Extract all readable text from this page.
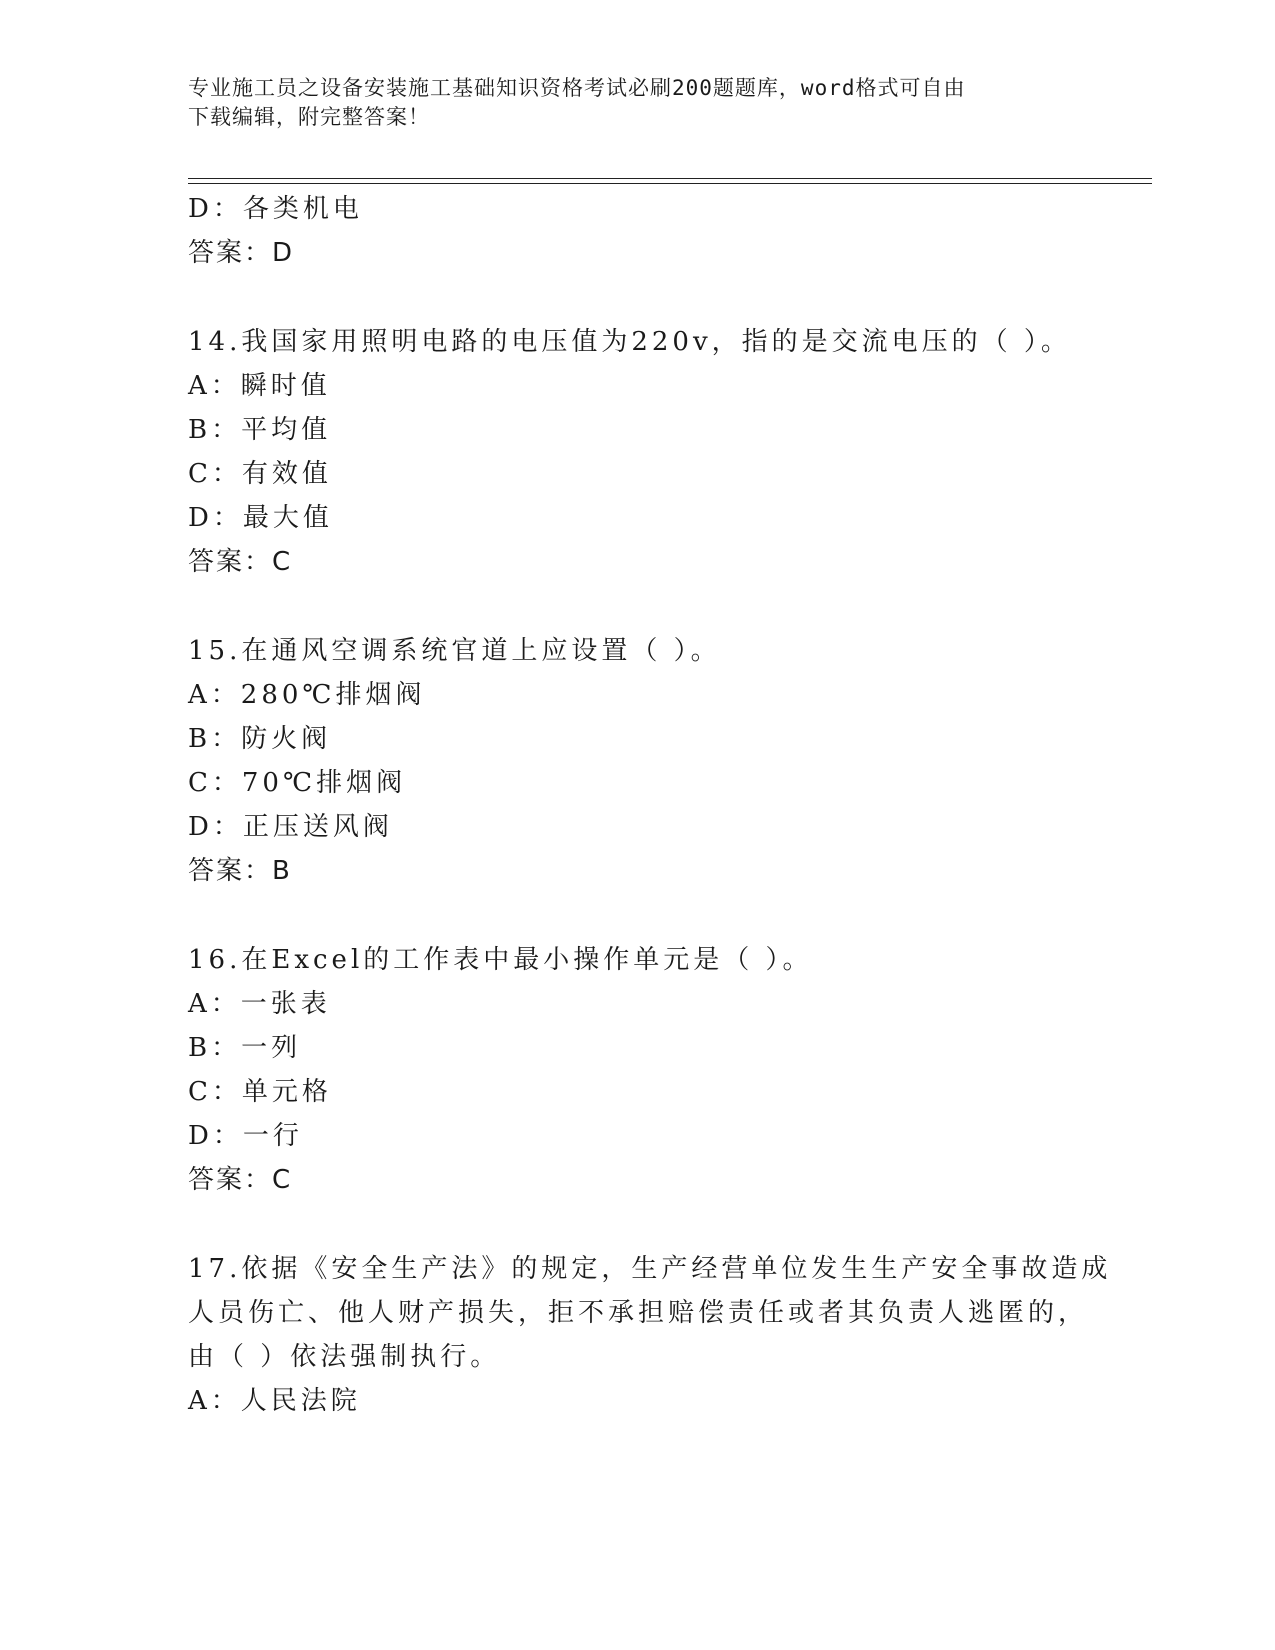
专业施工员之设备安装施工基础知识资格考试必刷200题题库，word格式可自由
下载编辑，附完整答案！
D：各类机电
答案：D
14.我国家用照明电路的电压值为220v，指的是交流电压的（ ）。
A：瞬时值
B：平均值
C：有效值
D：最大值
答案：C
15.在通风空调系统官道上应设置（ ）。
A：280℃排烟阀
B：防火阀
C：70℃排烟阀
D：正压送风阀
答案：B
16.在Excel的工作表中最小操作单元是（ ）。
A：一张表
B：一列
C：单元格
D：一行
答案：C
17.依据《安全生产法》的规定，生产经营单位发生生产安全事故造成
人员伤亡、他人财产损失，拒不承担赔偿责任或者其负责人逃匿的，
由（ ）依法强制执行。
A：人民法院
